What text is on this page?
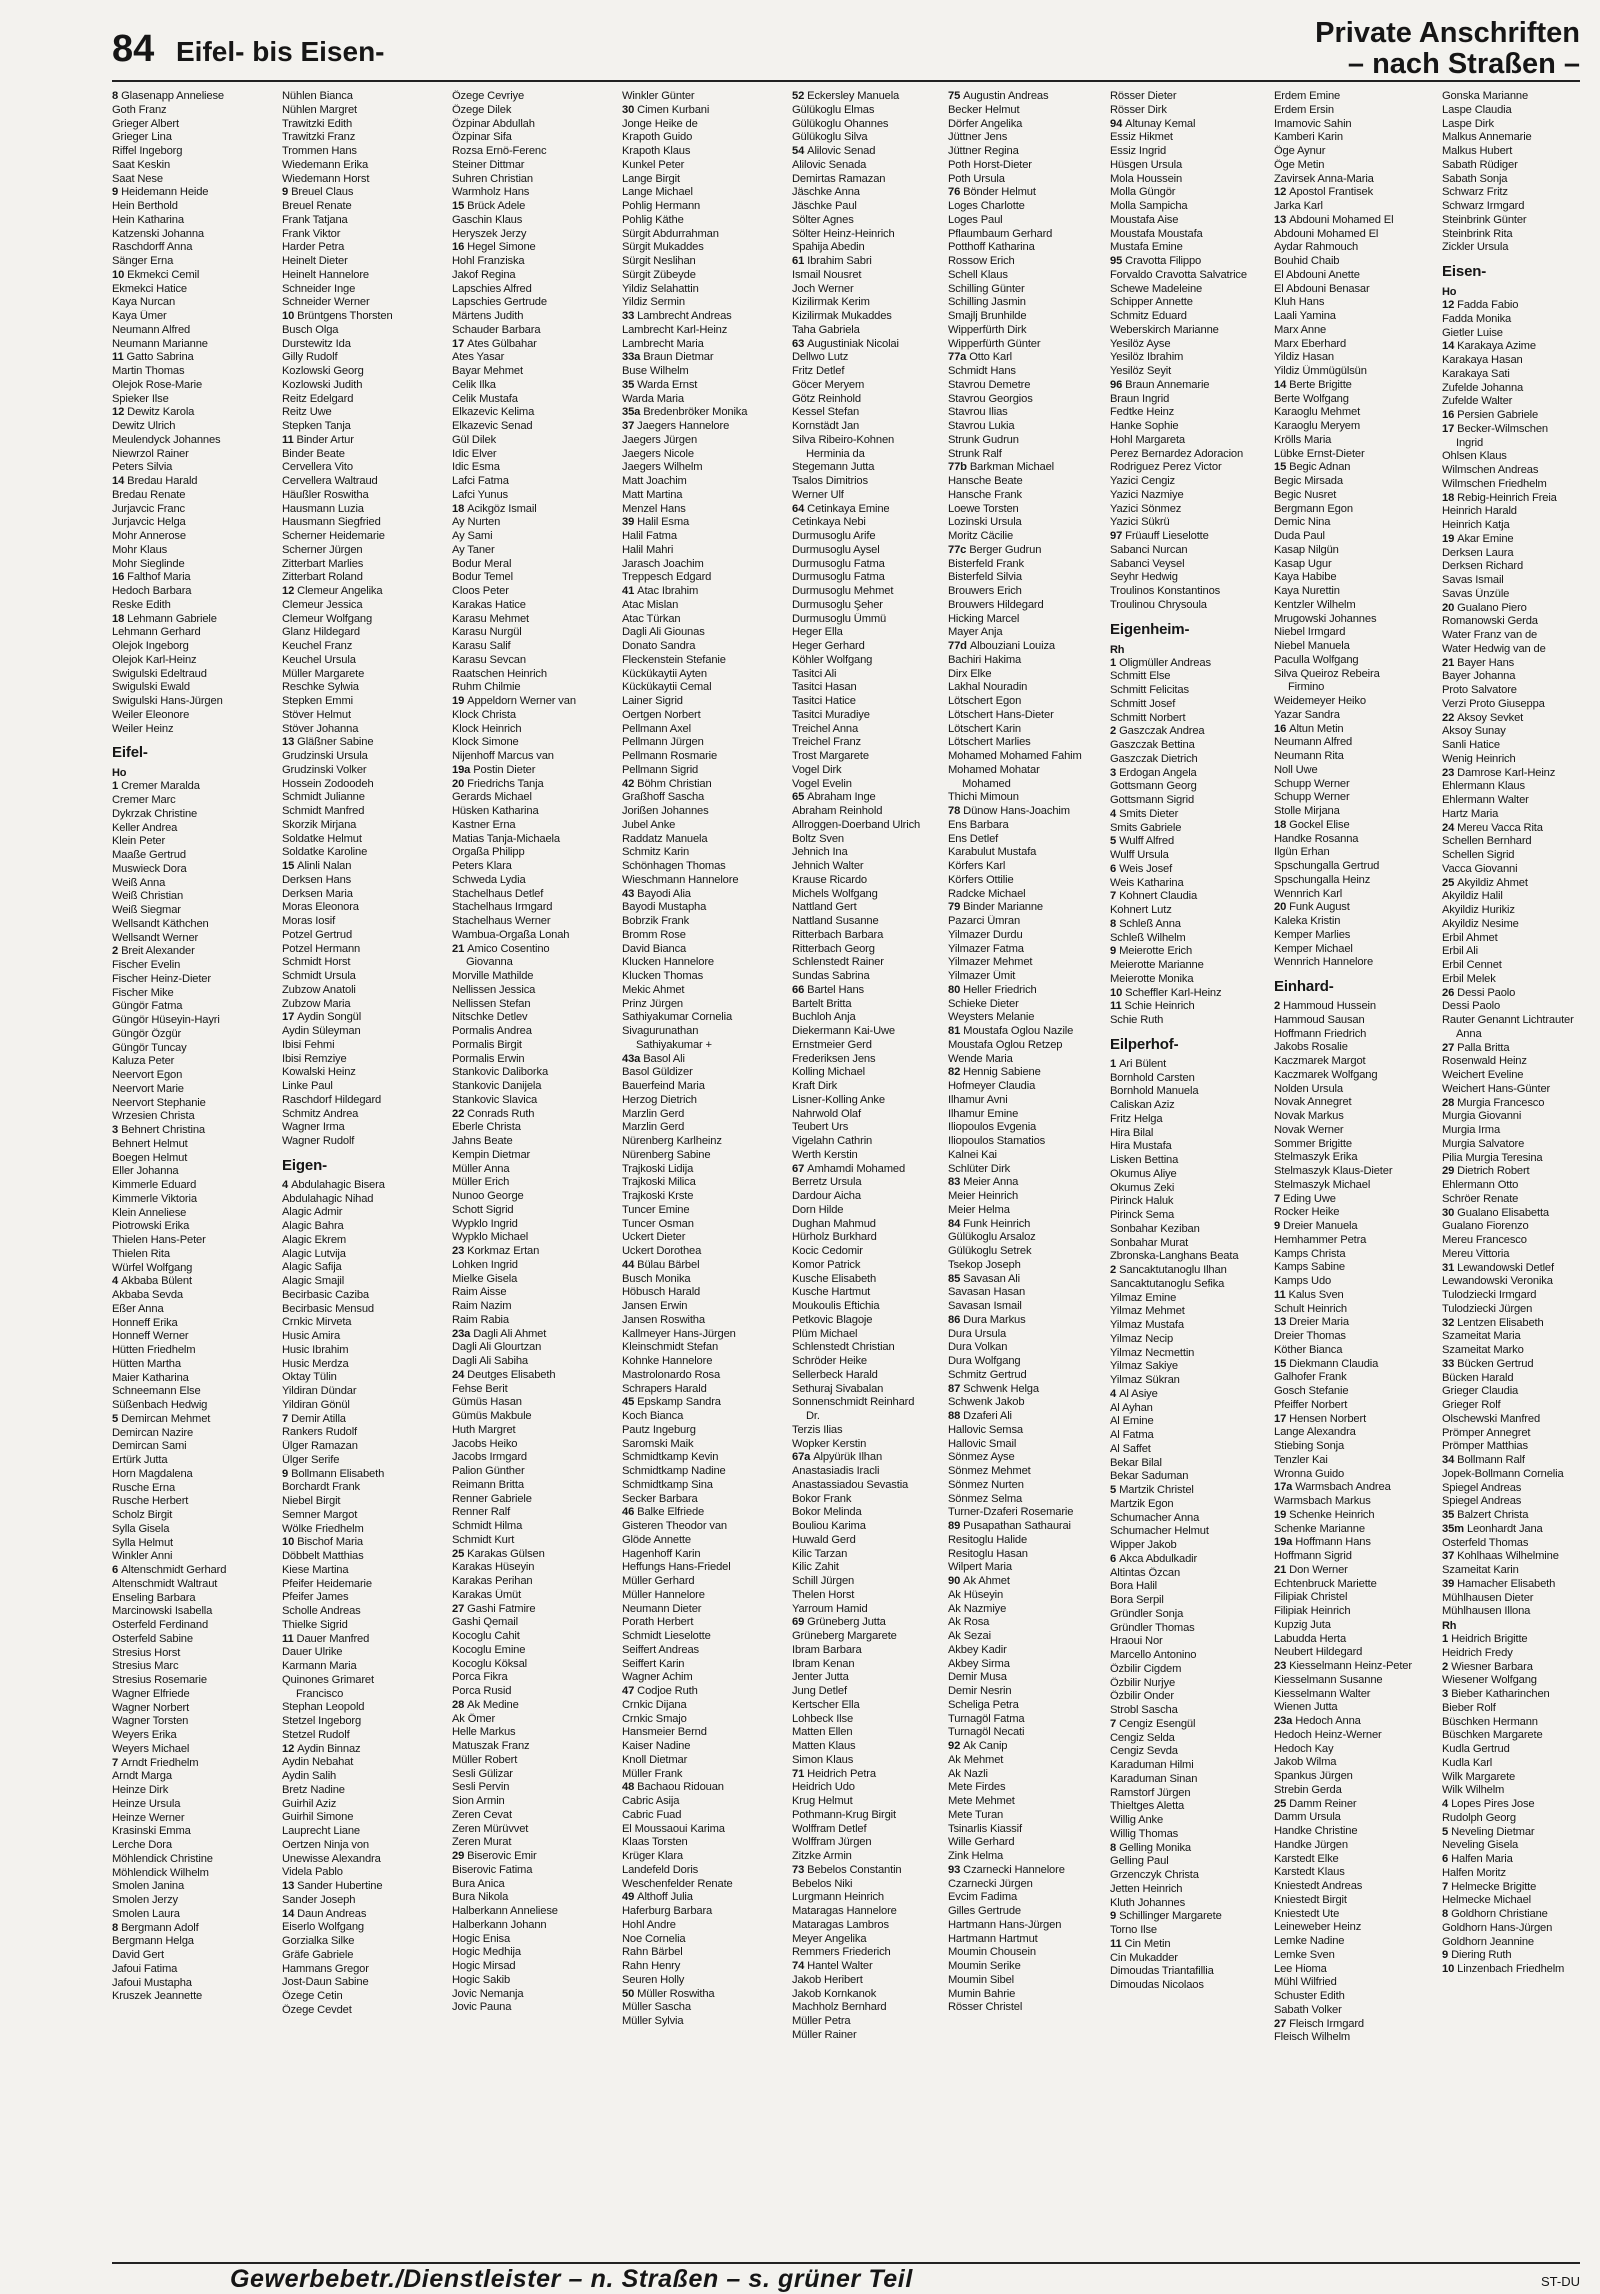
84 Eifel- bis Eisen-
Private Anschriften
– nach Straßen –
8 Glasenapp Anneliese
Goth Franz
Grieger Albert
Grieger Lina
Riffel Ingeborg
Saat Keskin
Saat Nese
9 Heidemann Heide
Hein Berthold
Hein Katharina
Katzenski Johanna
Raschdorff Anna
Sänger Erna
10 Ekmekci Cemil
Ekmekci Hatice
Kaya Nurcan
Kaya Ümer
Neumann Alfred
Neumann Marianne
11 Gatto Sabrina
Martin Thomas
Olejok Rose-Marie
Spieker Ilse
12 Dewitz Karola
Dewitz Ulrich
Meulendyck Johannes
Niewrzol Rainer
Peters Silvia
14 Bredau Harald
Bredau Renate
Jurjavcic Franc
Jurjavcic Helga
Mohr Annerose
Mohr Klaus
Mohr Sieglinde
16 Falthof Maria
Hedoch Barbara
Reske Edith
18 Lehmann Gabriele
Lehmann Gerhard
Olejok Ingeborg
Olejok Karl-Heinz
Swigulski Edeltraud
Swigulski Ewald
Swigulski Hans-Jürgen
Weiler Eleonore
Weiler Heinz
Eifel-
Ho
1 Cremer Maralda
Cremer Marc
Dykrzak Christine
Keller Andrea
Klein Peter
Maaße Gertrud
Muswieck Dora
Weiß Anna
Weiß Christian
Weiß Siegmar
Wellsandt Käthchen
Wellsandt Werner
2 Breit Alexander
Fischer Evelin
Fischer Heinz-Dieter
Fischer Mike
Güngör Fatma
Güngör Hüseyin-Hayri
Güngör Özgür
Güngör Tuncay
Kaluza Peter
Neervort Egon
Neervort Marie
Neervort Stephanie
Wrzesien Christa
3 Behnert Christina
Behnert Helmut
Boegen Helmut
Eller Johanna
Kimmerle Eduard
Kimmerle Viktoria
Klein Anneliese
Piotrowski Erika
Thielen Hans-Peter
Thielen Rita
Würfel Wolfgang
4 Akbaba Bülent
Akbaba Sevda
Eßer Anna
Honneff Erika
Honneff Werner
Hütten Friedhelm
Hütten Martha
Maier Katharina
Schneemann Else
Süßenbach Hedwig
5 Demircan Mehmet
Demircan Nazire
Demircan Sami
Ertürk Jutta
Horn Magdalena
Rusche Erna
Rusche Herbert
Scholz Birgit
Sylla Gisela
Sylla Helmut
Winkler Anni
6 Altenschmidt Gerhard
Altenschmidt Waltraut
Enseling Barbara
Marcinowski Isabella
Osterfeld Ferdinand
Osterfeld Sabine
Stresius Horst
Stresius Marc
Stresius Rosemarie
Wagner Elfriede
Wagner Norbert
Wagner Torsten
Weyers Erika
Weyers Michael
7 Arndt Friedhelm
Arndt Marga
Heinze Dirk
Heinze Ursula
Heinze Werner
Krasinski Emma
Lerche Dora
Möhlendick Christine
Möhlendick Wilhelm
Smolen Janina
Smolen Jerzy
Smolen Laura
8 Bergmann Adolf
Bergmann Helga
David Gert
Jafoui Fatima
Jafoui Mustapha
Kruszek Jeannette
Nühlen Bianca
Nühlen Margret
Trawitzki Edith
Trawitzki Franz
Trommen Hans
Wiedemann Erika
Wiedemann Horst
9 Breuel Claus
Breuel Renate
Frank Tatjana
Frank Viktor
Harder Petra
Heinelt Dieter
Heinelt Hannelore
Schneider Inge
Schneider Werner
10 Brüntgens Thorsten
Busch Olga
Durstewitz Ida
Gilly Rudolf
Kozlowski Georg
Kozlowski Judith
Reitz Edelgard
Reitz Uwe
Stepken Tanja
11 Binder Artur
Binder Beate
Cervellera Vito
Cervellera Waltraud
Häußler Roswitha
Hausmann Luzia
Hausmann Siegfried
Scherner Heidemarie
Scherner Jürgen
Zitterbart Marlies
Zitterbart Roland
12 Clemeur Angelika
Clemeur Jessica
Clemeur Wolfgang
Glanz Hildegard
Keuchel Franz
Keuchel Ursula
Müller Margarete
Reschke Sylwia
Stepken Emmi
Stöver Helmut
Stöver Johanna
13 Gläßner Sabine
Grudzinski Ursula
Grudzinski Volker
Hossein Zodoodeh
Schmidt Julianne
Schmidt Manfred
Skorzik Mirjana
Soldatke Helmut
Soldatke Karoline
15 Alinli Nalan
Derksen Hans
Derksen Maria
Moras Eleonora
Moras Iosif
Potzel Gertrud
Potzel Hermann
Schmidt Horst
Schmidt Ursula
Zubzow Anatoli
Zubzow Maria
17 Aydin Songül
Aydin Süleyman
Ibisi Fehmi
Ibisi Remziye
Kowalski Heinz
Linke Paul
Raschdorf Hildegard
Schmitz Andrea
Wagner Irma
Wagner Rudolf
Eigen-
4 Abdulahagic Bisera
Abdulahagic Nihad
Alagic Admir
Alagic Bahra
Alagic Ekrem
Alagic Lutvija
Alagic Safija
Alagic Smajil
Becirbasic Caziba
Becirbasic Mensud
Crnkic Mirveta
Husic Amira
Husic Ibrahim
Husic Merdza
Oktay Tülin
Yildiran Dündar
Yildiran Gönül
7 Demir Atilla
Rankers Rudolf
Ülger Ramazan
Ülger Serife
9 Bollmann Elisabeth
Borchardt Frank
Niebel Birgit
Semner Margot
Wölke Friedhelm
10 Bischof Maria
Döbbelt Matthias
Kiese Martina
Pfeifer Heidemarie
Pfeifer James
Scholle Andreas
Thielke Sigrid
11 Dauer Manfred
Dauer Ulrike
Karmann Maria
Quinones Grimaret
Francisco
Stephan Leopold
Stetzel Ingeborg
Stetzel Rudolf
12 Aydin Binnaz
Aydin Nebahat
Aydin Salih
Bretz Nadine
Guirhil Aziz
Guirhil Simone
Lauprecht Liane
Oertzen Ninja von
Unewisse Alexandra
Videla Pablo
13 Sander Hubertine
Sander Joseph
14 Daun Andreas
Eiserlo Wolfgang
Gorzialka Silke
Gräfe Gabriele
Hammans Gregor
Jost-Daun Sabine
Özege Cetin
Özege Cevdet
Özege Cevriye
Özege Dilek
Özpinar Abdullah
Özpinar Sifa
Rozsa Ernö-Ferenc
Steiner Dittmar
Suhren Christian
Warmholz Hans
15 Brück Adele
Gaschin Klaus
Heryszek Jerzy
16 Hegel Simone
Hohl Franziska
Jakof Regina
Lapschies Alfred
Lapschies Gertrude
Märtens Judith
Schauder Barbara
17 Ates Gülbahar
Ates Yasar
Bayar Mehmet
Celik Ilka
Celik Mustafa
Elkazevic Kelima
Elkazevic Senad
Gül Dilek
Idic Elver
Idic Esma
Lafci Fatma
Lafci Yunus
18 Acikgöz Ismail
Ay Nurten
Ay Sami
Ay Taner
Bodur Meral
Bodur Temel
Cloos Peter
Karakas Hatice
Karasu Mehmet
Karasu Nurgül
Karasu Salif
Karasu Sevcan
Raatschen Heinrich
Ruhm Chilmie
19 Appeldorn Werner van
Klock Christa
Klock Heinrich
Klock Simone
Nijenhoff Marcus van
19a Postin Dieter
20 Friedrichs Tanja
Gerards Michael
Hüsken Katharina
Kastner Erna
Matias Tanja-Michaela
Orgaßa Philipp
Peters Klara
Schweda Lydia
Stachelhaus Detlef
Stachelhaus Irmgard
Stachelhaus Werner
Wambua-Orgaßa Lonah
21 Amico Cosentino
Giovanna
Morville Mathilde
Nellissen Jessica
Nellissen Stefan
Nitschke Detlev
Pormalis Andrea
Pormalis Birgit
Pormalis Erwin
Stankovic Daliborka
Stankovic Danijela
Stankovic Slavica
22 Conrads Ruth
Eberle Christa
Jahns Beate
Kempin Dietmar
Müller Anna
Müller Erich
Nunoo George
Schott Sigrid
Wypklo Ingrid
Wypklo Michael
23 Korkmaz Ertan
Lohken Ingrid
Mielke Gisela
Raim Aisse
Raim Nazim
Raim Rabia
23a Dagli Ali Ahmet
Dagli Ali Glourtzan
Dagli Ali Sabiha
24 Deutges Elisabeth
Fehse Berit
Gümüs Hasan
Gümüs Makbule
Huth Margret
Jacobs Heiko
Jacobs Irmgard
Palion Günther
Reimann Britta
Renner Gabriele
Renner Ralf
Schmidt Hilma
Schmidt Kurt
25 Karakas Gülsen
Karakas Hüseyin
Karakas Perihan
Karakas Ümüt
27 Gashi Fatmire
Gashi Qemail
Kocoglu Cahit
Kocoglu Emine
Kocoglu Köksal
Porca Fikra
Porca Rusid
28 Ak Medine
Ak Ömer
Helle Markus
Matuszak Franz
Müller Robert
Sesli Gülizar
Sesli Pervin
Sion Armin
Zeren Cevat
Zeren Mürüvvet
Zeren Murat
29 Biserovic Emir
Biserovic Fatima
Bura Anica
Bura Nikola
Halberkann Anneliese
Halberkann Johann
Hogic Enisa
Hogic Medhija
Hogic Mirsad
Hogic Sakib
Jovic Nemanja
Jovic Pauna
Winkler Günter
30 Cimen Kurbani
Jonge Heike de
Krapoth Guido
Krapoth Klaus
Kunkel Peter
Lange Birgit
Lange Michael
Pohlig Hermann
Pohlig Käthe
Sürgit Abdurrahman
Sürgit Mukaddes
Sürgit Neslihan
Sürgit Zübeyde
Yildiz Selahattin
Yildiz Sermin
33 Lambrecht Andreas
Lambrecht Karl-Heinz
Lambrecht Maria
33a Braun Dietmar
Buse Wilhelm
35 Warda Ernst
Warda Maria
35a Bredenbröker Monika
37 Jaegers Hannelore
Jaegers Jürgen
Jaegers Nicole
Jaegers Wilhelm
Matt Joachim
Matt Martina
Menzel Hans
39 Halil Esma
Halil Fatma
Halil Mahri
Jarasch Joachim
Treppesch Edgard
41 Atac Ibrahim
Atac Mislan
Atac Türkan
Dagli Ali Giounas
Donato Sandra
Fleckenstein Stefanie
Kückükaytii Ayten
Kückükaytii Cemal
Lainer Sigrid
Oertgen Norbert
Pellmann Axel
Pellmann Jürgen
Pellmann Rosmarie
Pellmann Sigrid
42 Böhm Christian
Graßhoff Sascha
Jorißen Johannes
Jubel Anke
Raddatz Manuela
Schmitz Karin
Schönhagen Thomas
Wieschmann Hannelore
43 Bayodi Alia
Bayodi Mustapha
Bobrzik Frank
Bromm Rose
David Bianca
Klucken Hannelore
Klucken Thomas
Mekic Ahmet
Prinz Jürgen
Sathiyakumar Cornelia
Sivagurunathan
Sathiyakumar +
43a Basol Ali
Basol Güldizer
Bauerfeind Maria
Herzog Dietrich
Marzlin Gerd
Marzlin Gerd
Nürenberg Karlheinz
Nürenberg Sabine
Trajkoski Lidija
Trajkoski Milica
Trajkoski Krste
Tuncer Emine
Tuncer Osman
Uckert Dieter
Uckert Dorothea
44 Bülau Bärbel
Busch Monika
Höbusch Harald
Jansen Erwin
Jansen Roswitha
Kallmeyer Hans-Jürgen
Kleinschmidt Stefan
Kohnke Hannelore
Mastrolonardo Rosa
Schrapers Harald
45 Epskamp Sandra
Koch Bianca
Pautz Ingeburg
Saromski Maik
Schmidtkamp Kevin
Schmidtkamp Nadine
Schmidtkamp Sina
Secker Barbara
46 Balke Elfriede
Gisteren Theodor van
Glöde Annette
Hagenhoff Karin
Heffungs Hans-Friedel
Müller Gerhard
Müller Hannelore
Neumann Dieter
Porath Herbert
Schmidt Lieselotte
Seiffert Andreas
Seiffert Karin
Wagner Achim
47 Codjoe Ruth
Crnkic Dijana
Crnkic Smajo
Hansmeier Bernd
Kaiser Nadine
Knoll Dietmar
Müller Frank
48 Bachaou Ridouan
Cabric Asija
Cabric Fuad
El Moussaoui Karima
Klaas Torsten
Krüger Klara
Landefeld Doris
Weschenfelder Renate
49 Althoff Julia
Haferburg Barbara
Hohl Andre
Noe Cornelia
Rahn Bärbel
Rahn Henry
Seuren Holly
50 Müller Roswitha
Müller Sascha
Müller Sylvia
52 Eckersley Manuela
Gülükoglu Elmas
Gülükoglu Ohannes
Gülükoglu Silva
54 Alilovic Senad
Alilovic Senada
Demirtas Ramazan
Jäschke Anna
Jäschke Paul
Sölter Agnes
Sölter Heinz-Heinrich
Spahija Abedin
61 Ibrahim Sabri
Ismail Nousret
Joch Werner
Kizilirmak Kerim
Kizilirmak Mukaddes
Taha Gabriela
63 Augustiniak Nicolai
Dellwo Lutz
Fritz Detlef
Göcer Meryem
Götz Reinhold
Kessel Stefan
Kornstädt Jan
Silva Ribeiro-Kohnen
Herminia da
Stegemann Jutta
Tsalos Dimitrios
Werner Ulf
64 Cetinkaya Emine
Cetinkaya Nebi
Durmusoglu Arife
Durmusoglu Aysel
Durmusoglu Fatma
Durmusoglu Fatma
Durmusoglu Mehmet
Durmusoglu Şeher
Durmusoglu Ümmü
Heger Ella
Heger Gerhard
Köhler Wolfgang
Tasitci Ali
Tasitci Hasan
Tasitci Hatice
Tasitci Muradiye
Treichel Anna
Treichel Franz
Trost Margarete
Vogel Dirk
Vogel Evelin
65 Abraham Inge
Abraham Reinhold
Allroggen-Doerband Ulrich
Boltz Sven
Jehnich Ina
Jehnich Walter
Krause Ricardo
Michels Wolfgang
Nattland Gert
Nattland Susanne
Ritterbach Barbara
Ritterbach Georg
Schlenstedt Rainer
Sundas Sabrina
66 Bartel Hans
Bartelt Britta
Buchloh Anja
Diekermann Kai-Uwe
Ernstmeier Gerd
Frederiksen Jens
Kolling Michael
Kraft Dirk
Lisner-Kolling Anke
Nahrwold Olaf
Teubert Urs
Vigelahn Cathrin
Werth Kerstin
67 Amhamdi Mohamed
Berretz Ursula
Dardour Aicha
Dorn Hilde
Dughan Mahmud
Hürholz Burkhard
Kocic Cedomir
Komor Patrick
Kusche Elisabeth
Kusche Hartmut
Moukoulis Eftichia
Petkovic Blagoje
Plüm Michael
Schlenstedt Christian
Schröder Heike
Sellerbeck Harald
Sethuraj Sivabalan
Sonnenschmidt Reinhard
Dr.
Terzis Ilias
Wopker Kerstin
67a Alpyürük Ilhan
Anastasiadis Iracli
Anastassiadou Sevastia
Bokor Frank
Bokor Melinda
Bouliou Karima
Huwald Gerd
Kilic Tarzan
Kilic Zahit
Schill Jürgen
Thelen Horst
Yarroum Hamid
69 Grüneberg Jutta
Grüneberg Margarete
Ibram Barbara
Ibram Kenan
Jenter Jutta
Jung Detlef
Kertscher Ella
Lohbeck Ilse
Matten Ellen
Matten Klaus
Simon Klaus
71 Heidrich Petra
Heidrich Udo
Krug Helmut
Pothmann-Krug Birgit
Wolffram Detlef
Wolffram Jürgen
Zitzke Armin
73 Bebelos Constantin
Bebelos Niki
Lurgmann Heinrich
Mataragas Hannelore
Mataragas Lambros
Meyer Angelika
Remmers Friederich
74 Hantel Walter
Jakob Heribert
Jakob Kornkanok
Machholz Bernhard
Müller Petra
Müller Rainer
75 Augustin Andreas
Becker Helmut
Dörfer Angelika
Jüttner Jens
Jüttner Regina
Poth Horst-Dieter
Poth Ursula
76 Bönder Helmut
Loges Charlotte
Loges Paul
Pflaumbaum Gerhard
Potthoff Katharina
Rossow Erich
Schell Klaus
Schilling Günter
Schilling Jasmin
Smajlj Brunhilde
Wipperfürth Dirk
Wipperfürth Günter
77a Otto Karl
Schmidt Hans
Stavrou Demetre
Stavrou Georgios
Stavrou Ilias
Stavrou Lukia
Strunk Gudrun
Strunk Ralf
77b Barkman Michael
Hansche Beate
Hansche Frank
Loewe Torsten
Lozinski Ursula
Moritz Cäcilie
77c Berger Gudrun
Bisterfeld Frank
Bisterfeld Silvia
Brouwers Erich
Brouwers Hildegard
Hicking Marcel
Mayer Anja
77d Albouziani Louiza
Bachiri Hakima
Dirx Elke
Lakhal Nouradin
Lötschert Egon
Lötschert Hans-Dieter
Lötschert Karin
Lötschert Marlies
Mohamed Mohamed Fahim
Mohamed Mohatar
Mohamed
Thichi Mimoun
78 Dünow Hans-Joachim
Ens Barbara
Ens Detlef
Karabulut Mustafa
Körfers Karl
Körfers Ottilie
Radcke Michael
79 Binder Marianne
Pazarci Ümran
Yilmazer Durdu
Yilmazer Fatma
Yilmazer Mehmet
Yilmazer Ümit
80 Heller Friedrich
Schieke Dieter
Weysters Melanie
81 Moustafa Oglou Nazile
Moustafa Oglou Retzep
Wende Maria
82 Hennig Sabiene
Hofmeyer Claudia
Ilhamur Avni
Ilhamur Emine
Iliopoulos Evgenia
Iliopoulos Stamatios
Kalnei Kai
Schlüter Dirk
83 Meier Anna
Meier Heinrich
Meier Helma
84 Funk Heinrich
Gülükoglu Arsaloz
Gülükoglu Setrek
Tsekop Joseph
85 Savasan Ali
Savasan Hasan
Savasan Ismail
86 Dura Markus
Dura Ursula
Dura Volkan
Dura Wolfgang
Schmitz Gertrud
87 Schwenk Helga
Schwenk Jakob
88 Dzaferi Ali
Hallovic Semsa
Hallovic Smail
Sönmez Ayse
Sönmez Mehmet
Sönmez Nurten
Sönmez Selma
Turner-Dzaferi Rosemarie
89 Pusapathan Sathaurai
Resitoglu Halide
Resitoglu Hasan
Wilpert Maria
90 Ak Ahmet
Ak Hüseyin
Ak Nazmiye
Ak Rosa
Ak Sezai
Akbey Kadir
Akbey Sirma
Demir Musa
Demir Nesrin
Scheliga Petra
Turnagöl Fatma
Turnagöl Necati
92 Ak Canip
Ak Mehmet
Ak Nazli
Mete Firdes
Mete Mehmet
Mete Turan
Tsinarlis Kiassif
Wille Gerhard
Zink Helma
93 Czarnecki Hannelore
Czarnecki Jürgen
Evcim Fadima
Gilles Gertrude
Hartmann Hans-Jürgen
Hartmann Hartmut
Moumin Chousein
Moumin Serike
Moumin Sibel
Mumin Bahrie
Rösser Christel
Rösser Dieter
Rösser Dirk
94 Altunay Kemal
Essiz Hikmet
Essiz Ingrid
Hüsgen Ursula
Mola Houssein
Molla Güngör
Molla Sampicha
Moustafa Aise
Moustafa Moustafa
Mustafa Emine
95 Cravotta Filippo
Forvaldo Cravotta Salvatrice
Schewe Madeleine
Schipper Annette
Schmitz Eduard
Weberskirch Marianne
Yesilöz Ayse
Yesilöz Ibrahim
Yesilöz Seyit
96 Braun Annemarie
Braun Ingrid
Fedtke Heinz
Hanke Sophie
Hohl Margareta
Perez Bernardez Adoracion
Rodriguez Perez Victor
Yazici Cengiz
Yazici Nazmiye
Yazici Sönmez
Yazici Sükrü
97 Früauff Lieselotte
Sabanci Nurcan
Sabanci Veysel
Seyhr Hedwig
Troulinos Konstantinos
Troulinou Chrysoula
Eigenheim-
Rh
1 Oligmüller Andreas
Schmitt Else
Schmitt Felicitas
Schmitt Josef
Schmitt Norbert
2 Gaszczak Andrea
Gaszczak Bettina
Gaszczak Dietrich
3 Erdogan Angela
Gottsmann Georg
Gottsmann Sigrid
4 Smits Dieter
Smits Gabriele
5 Wulff Alfred
Wulff Ursula
6 Weis Josef
Weis Katharina
7 Kohnert Claudia
Kohnert Lutz
8 Schleß Anna
Schleß Wilhelm
9 Meierotte Erich
Meierotte Marianne
Meierotte Monika
10 Scheffler Karl-Heinz
11 Schie Heinrich
Schie Ruth
Eilperhof-
1 Ari Bülent
Bornhold Carsten
Bornhold Manuela
Caliskan Aziz
Fritz Helga
Hira Bilal
Hira Mustafa
Lisken Bettina
Okumus Aliye
Okumus Zeki
Pirinck Haluk
Pirinck Sema
Sonbahar Keziban
Sonbahar Murat
Zbronska-Langhans Beata
2 Sancaktutanoglu Ilhan
Sancaktutanoglu Sefika
Yilmaz Emine
Yilmaz Mehmet
Yilmaz Mustafa
Yilmaz Necip
Yilmaz Necmettin
Yilmaz Sakiye
Yilmaz Sükran
4 Al Asiye
Al Ayhan
Al Emine
Al Fatma
Al Saffet
Bekar Bilal
Bekar Saduman
5 Martzik Christel
Martzik Egon
Schumacher Anna
Schumacher Helmut
Wipper Jakob
6 Akca Abdulkadir
Altintas Özcan
Bora Halil
Bora Serpil
Gründler Sonja
Gründler Thomas
Hraoui Nor
Marcello Antonino
Özbilir Cigdem
Özbilir Nurjye
Özbilir Onder
Strobl Sascha
7 Cengiz Esengül
Cengiz Selda
Cengiz Sevda
Karaduman Hilmi
Karaduman Sinan
Ramstorf Jürgen
Thieltges Aletta
Willig Anke
Willig Thomas
8 Gelling Monika
Gelling Paul
Grzenczyk Christa
Jetten Heinrich
Kluth Johannes
9 Schillinger Margarete
Torno Ilse
11 Cin Metin
Cin Mukadder
Dimoudas Triantafillia
Dimoudas Nicolaos
Erdem Emine
Erdem Ersin
Imamovic Sahin
Kamberi Karin
Öge Aynur
Öge Metin
Zavirsek Anna-Maria
12 Apostol Frantisek
Jarka Karl
13 Abdouni Mohamed El
Abdouni Mohamed El
Aydar Rahmouch
Bouhid Chaib
El Abdouni Anette
El Abdouni Benasar
Kluh Hans
Laali Yamina
Marx Anne
Marx Eberhard
Yildiz Hasan
Yildiz Ümmügülsün
14 Berte Brigitte
Berte Wolfgang
Karaoglu Mehmet
Karaoglu Meryem
Krölls Maria
Lübke Ernst-Dieter
15 Begic Adnan
Begic Mirsada
Begic Nusret
Bergmann Egon
Demic Nina
Duda Paul
Kasap Nilgün
Kasap Ugur
Kaya Habibe
Kaya Nurettin
Kentzler Wilhelm
Mrugowski Johannes
Niebel Irmgard
Niebel Manuela
Paculla Wolfgang
Silva Queiroz Rebeira
Firmino
Weidemeyer Heiko
Yazar Sandra
16 Altun Metin
Neumann Alfred
Neumann Rita
Noll Uwe
Schupp Werner
Schupp Werner
Stolle Mirjana
18 Gockel Elise
Handke Rosanna
Ilgün Erhan
Spschungalla Gertrud
Spschungalla Heinz
Wennrich Karl
20 Funk August
Kaleka Kristin
Kemper Marlies
Kemper Michael
Wennrich Hannelore
Einhard-
2 Hammoud Hussein
Hammoud Sausan
Hoffmann Friedrich
Jakobs Rosalie
Kaczmarek Margot
Kaczmarek Wolfgang
Nolden Ursula
Novak Annegret
Novak Markus
Novak Werner
Sommer Brigitte
Stelmaszyk Erika
Stelmaszyk Klaus-Dieter
Stelmaszyk Michael
7 Eding Uwe
Rocker Heike
9 Dreier Manuela
Hemhammer Petra
Kamps Christa
Kamps Sabine
Kamps Udo
11 Kalus Sven
Schult Heinrich
13 Dreier Maria
Dreier Thomas
Köther Bianca
15 Diekmann Claudia
Galhofer Frank
Gosch Stefanie
Pfeiffer Norbert
17 Hensen Norbert
Lange Alexandra
Stiebing Sonja
Tenzler Kai
Wronna Guido
17a Warmsbach Andrea
Warmsbach Markus
19 Schenke Heinrich
Schenke Marianne
19a Hoffmann Hans
Hoffmann Sigrid
21 Don Werner
Echtenbruck Mariette
Filipiak Christel
Filipiak Heinrich
Kupzig Juta
Labudda Herta
Neubert Hildegard
23 Kiesselmann Heinz-Peter
Kiesselmann Susanne
Kiesselmann Walter
Wienen Jutta
23a Hedoch Anna
Hedoch Heinz-Werner
Hedoch Kay
Jakob Wilma
Spankus Jürgen
Strebin Gerda
25 Damm Reiner
Damm Ursula
Handke Christine
Handke Jürgen
Karstedt Elke
Karstedt Klaus
Kniestedt Andreas
Kniestedt Birgit
Kniestedt Ute
Leineweber Heinz
Lemke Nadine
Lemke Sven
Lee Hioma
Mühl Wilfried
Schuster Edith
Sabath Volker
27 Fleisch Irmgard
Fleisch Wilhelm
Gonska Marianne
Laspe Claudia
Laspe Dirk
Malkus Annemarie
Malkus Hubert
Sabath Rüdiger
Sabath Sonja
Schwarz Fritz
Schwarz Irmgard
Steinbrink Günter
Steinbrink Rita
Zickler Ursula
Eisen-
Ho
12 Fadda Fabio
Fadda Monika
Gietler Luise
14 Karakaya Azime
Karakaya Hasan
Karakaya Sati
Zufelde Johanna
Zufelde Walter
16 Persien Gabriele
17 Becker-Wilmschen
Ingrid
Ohlsen Klaus
Wilmschen Andreas
Wilmschen Friedhelm
18 Rebig-Heinrich Freia
Heinrich Harald
Heinrich Katja
19 Akar Emine
Derksen Laura
Derksen Richard
Savas Ismail
Savas Ünzüle
20 Gualano Piero
Romanowski Gerda
Water Franz van de
Water Hedwig van de
21 Bayer Hans
Bayer Johanna
Proto Salvatore
Verzi Proto Giuseppa
22 Aksoy Sevket
Aksoy Sunay
Sanli Hatice
Wenig Heinrich
23 Damrose Karl-Heinz
Ehlermann Klaus
Ehlermann Walter
Hartz Maria
24 Mereu Vacca Rita
Schellen Bernhard
Schellen Sigrid
Vacca Giovanni
25 Akyildiz Ahmet
Akyildiz Halil
Akyildiz Hurikiz
Akyildiz Nesime
Erbil Ahmet
Erbil Ali
Erbil Cennet
Erbil Melek
26 Dessi Paolo
Dessi Paolo
Rauter Genannt Lichtrauter
Anna
27 Palla Britta
Rosenwald Heinz
Weichert Eveline
Weichert Hans-Günter
28 Murgia Francesco
Murgia Giovanni
Murgia Irma
Murgia Salvatore
Pilia Murgia Teresina
29 Dietrich Robert
Ehlermann Otto
Schröer Renate
30 Gualano Elisabetta
Gualano Fiorenzo
Mereu Francesco
Mereu Vittoria
31 Lewandowski Detlef
Lewandowski Veronika
Tulodziecki Irmgard
Tulodziecki Jürgen
32 Lentzen Elisabeth
Szameitat Maria
Szameitat Marko
33 Bücken Gertrud
Bücken Harald
Grieger Claudia
Grieger Rolf
Olschewski Manfred
Prömper Annegret
Prömper Matthias
34 Bollmann Ralf
Jopek-Bollmann Cornelia
Spiegel Andreas
Spiegel Andreas
35 Balzert Christa
35m Leonhardt Jana
Osterfeld Thomas
37 Kohlhaas Wilhelmine
Szameitat Karin
39 Hamacher Elisabeth
Mühlhausen Dieter
Mühlhausen Illona
Rh
1 Heidrich Brigitte
Heidrich Fredy
2 Wiesner Barbara
Wiesener Wolfgang
3 Bieber Katharinchen
Bieber Rolf
Büschken Hermann
Büschken Margarete
Kudla Gertrud
Kudla Karl
Wilk Margarete
Wilk Wilhelm
4 Lopes Pires Jose
Rudolph Georg
5 Neveling Dietmar
Neveling Gisela
6 Halfen Maria
Halfen Moritz
7 Helmecke Brigitte
Helmecke Michael
8 Goldhorn Christiane
Goldhorn Hans-Jürgen
Goldhorn Jeannine
9 Diering Ruth
10 Linzenbach Friedhelm
Gewerbebetr./Dienstleister – n. Straßen – s. grüner Teil	ST-DU
